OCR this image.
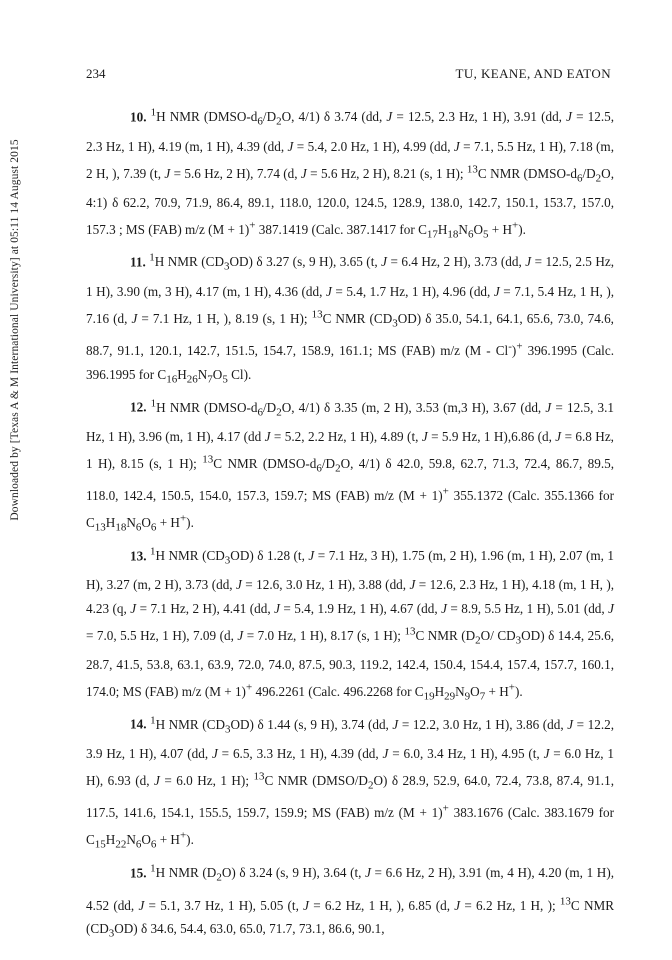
Downloaded by [Texas A & M International University] at 05:11 14 August 2015
234	TU, KEANE, AND EATON

10. $^1$H NMR ($DMSO-d_6/D_2O$, 4/1) δ 3.74 (dd, J = 12.5, 2.3 Hz, 1 H), 3.91 (dd, J = 12.5, 2.3 Hz, 1 H), 4.19 (m, 1 H), 4.39 (dd, J = 5.4, 2.0 Hz, 1 H), 4.99 (dd, J = 7.1, 5.5 Hz, 1 H), 7.18 (m, 2 H, ), 7.39 (t, J = 5.6 Hz, 2 H), 7.74 (d, J = 5.6 Hz, 2 H), 8.21 (s, 1 H); $^{13}$C NMR ($DMSO-d_6/D_2O$, 4:1) δ 62.2, 70.9, 71.9, 86.4, 89.1, 118.0, 120.0, 124.5, 128.9, 138.0, 142.7, 150.1, 153.7, 157.0, 157.3 ; MS (FAB) m/z (M + 1)+ 387.1419 (Calc. 387.1417 for $C_{17}H_{18}N_6O_5 + H^+$).

11. $^1$H NMR $(CD_3OD)$ δ 3.27 (s, 9 H), 3.65 (t, J = 6.4 Hz, 2 H), 3.73 (dd, J = 12.5, 2.5 Hz, 1 H), 3.90 (m, 3 H), 4.17 (m, 1 H), 4.36 (dd, J = 5.4, 1.7 Hz, 1 H), 4.96 (dd, J = 7.1, 5.4 Hz, 1 H, ), 7.16 (d, J = 7.1 Hz, 1 H, ), 8.19 (s, 1 H); $^{13}$C NMR $(CD_3OD)$ δ 35.0, 54.1, 64.1, 65.6, 73.0, 74.6, 88.7, 91.1, 120.1, 142.7, 151.5, 154.7, 158.9, 161.1; MS (FAB) m/z (M - Cl-)+ 396.1995 (Calc. 396.1995 for $C_{16}H_{26}N_7O_5$ Cl).

12. $^1$H NMR ($DMSO-d_6/D_2O$, 4/1) δ 3.35 (m, 2 H), 3.53 (m,3 H), 3.67 (dd, J = 12.5, 3.1 Hz, 1 H), 3.96 (m, 1 H), 4.17 (dd J = 5.2, 2.2 Hz, 1 H), 4.89 (t, J = 5.9 Hz, 1 H),6.86 (d, J = 6.8 Hz, 1 H), 8.15 (s, 1 H); $^{13}$C NMR ($DMSO-d_6/D_2O$, 4/1) δ 42.0, 59.8, 62.7, 71.3, 72.4, 86.7, 89.5, 118.0, 142.4, 150.5, 154.0, 157.3, 159.7; MS (FAB) m/z (M + 1)+ 355.1372 (Calc. 355.1366 for $C_{13}H_{18}N_6O_6 + H^+$).

13. $^1$H NMR $(CD_3OD)$ δ 1.28 (t, J = 7.1 Hz, 3 H), 1.75 (m, 2 H), 1.96 (m, 1 H), 2.07 (m, 1 H), 3.27 (m, 2 H), 3.73 (dd, J = 12.6, 3.0 Hz, 1 H), 3.88 (dd, J = 12.6, 2.3 Hz, 1 H), 4.18 (m, 1 H, ), 4.23 (q, J = 7.1 Hz, 2 H), 4.41 (dd, J = 5.4, 1.9 Hz, 1 H), 4.67 (dd, J = 8.9, 5.5 Hz, 1 H), 5.01 (dd, J = 7.0, 5.5 Hz, 1 H), 7.09 (d, J = 7.0 Hz, 1 H), 8.17 (s, 1 H); $^{13}$C NMR ($D_2O/$ $CD_3OD$) δ 14.4, 25.6, 28.7, 41.5, 53.8, 63.1, 63.9, 72.0, 74.0, 87.5, 90.3, 119.2, 142.4, 150.4, 154.4, 157.4, 157.7, 160.1, 174.0; MS (FAB) m/z (M + 1)+ 496.2261 (Calc. 496.2268 for $C_{19}H_{29}N_9O_7 + H^+$).

14. $^1$H NMR $(CD_3OD)$ δ 1.44 (s, 9 H), 3.74 (dd, J = 12.2, 3.0 Hz, 1 H), 3.86 (dd, J = 12.2, 3.9 Hz, 1 H), 4.07 (dd, J = 6.5, 3.3 Hz, 1 H), 4.39 (dd, J = 6.0, 3.4 Hz, 1 H), 4.95 (t, J = 6.0 Hz, 1 H), 6.93 (d, J = 6.0 Hz, 1 H); $^{13}$C NMR $(DMSO/D_2O)$ δ 28.9, 52.9, 64.0, 72.4, 73.8, 87.4, 91.1, 117.5, 141.6, 154.1, 155.5, 159.7, 159.9; MS (FAB) m/z (M + 1)+ 383.1676 (Calc. 383.1679 for $C_{15}H_{22}N_6O_6 + H^+$).

15. $^1$H NMR $(D_2O)$ δ 3.24 (s, 9 H), 3.64 (t, J = 6.6 Hz, 2 H), 3.91 (m, 4 H), 4.20 (m, 1 H), 4.52 (dd, J = 5.1, 3.7 Hz, 1 H), 5.05 (t, J = 6.2 Hz, 1 H, ), 6.85 (d, J = 6.2 Hz, 1 H, ); $^{13}$C NMR $(CD_3OD)$ δ 34.6, 54.4, 63.0, 65.0, 71.7, 73.1, 86.6, 90.1,
